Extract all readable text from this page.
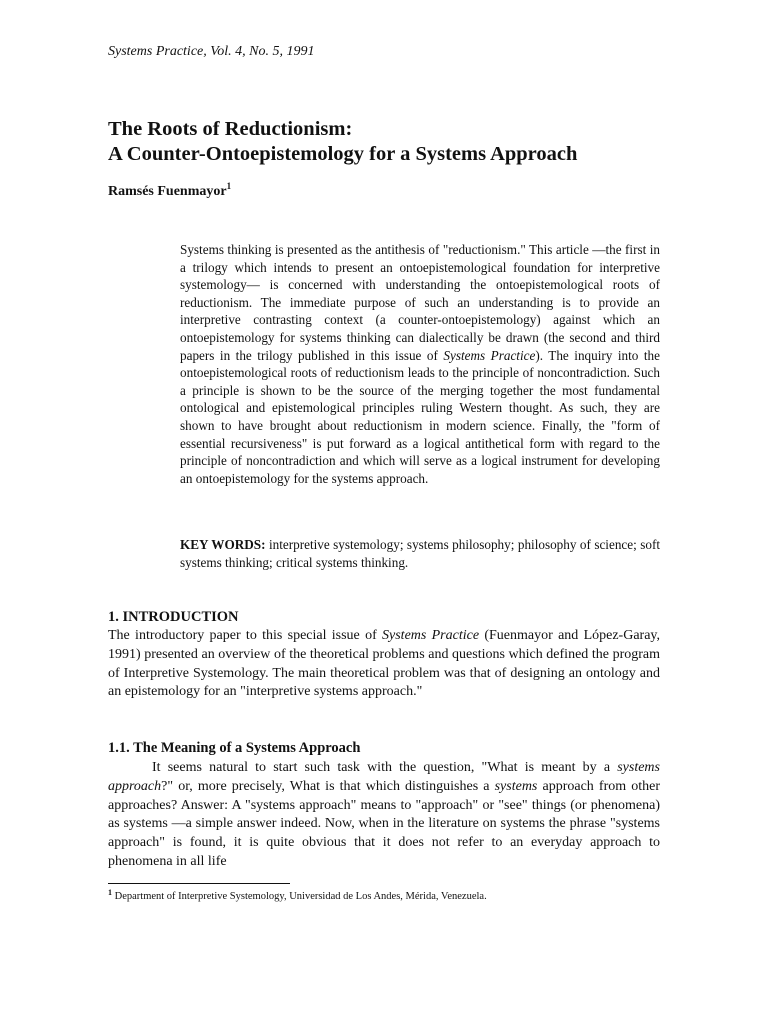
Systems Practice, Vol. 4, No. 5, 1991
The Roots of Reductionism:
A Counter-Ontoepistemology for a Systems Approach
Ramsés Fuenmayor$^1$

Systems thinking is presented as the antithesis of "reductionism." This article —the first in a trilogy which intends to present an ontoepistemological foundation for interpretive systemology— is concerned with understanding the ontoepistemological roots of reductionism. The immediate purpose of such an understanding is to provide an interpretive contrasting context (a counter-ontoepistemology) against which an ontoepistemology for systems thinking can dialectically be drawn (the second and third papers in the trilogy published in this issue of Systems Practice). The inquiry into the ontoepistemological roots of reductionism leads to the principle of noncontradiction. Such a principle is shown to be the source of the merging together the most fundamental ontological and epistemological principles ruling Western thought. As such, they are shown to have brought about reductionism in modern science. Finally, the "form of essential recursiveness" is put forward as a logical antithetical form with regard to the principle of noncontradiction and which will serve as a logical instrument for developing an ontoepistemology for the systems approach.

KEY WORDS: interpretive systemology; systems philosophy; philosophy of science; soft systems thinking; critical systems thinking.

1. INTRODUCTION

The introductory paper to this special issue of Systems Practice (Fuenmayor and López-Garay, 1991) presented an overview of the theoretical problems and questions which defined the program of Interpretive Systemology. The main theoretical problem was that of designing an ontology and an epistemology for an "interpretive systems approach."

1.1. The Meaning of a Systems Approach

It seems natural to start such task with the question, "What is meant by a systems approach?" or, more precisely, What is that which distinguishes a systems approach from other approaches? Answer: A "systems approach" means to "approach" or "see" things (or phenomena) as systems —a simple answer indeed. Now, when in the literature on systems the phrase "systems approach" is found, it is quite obvious that it does not refer to an everyday approach to phenomena in all life

$^1$ Department of Interpretive Systemology, Universidad de Los Andes, Mérida, Venezuela.
